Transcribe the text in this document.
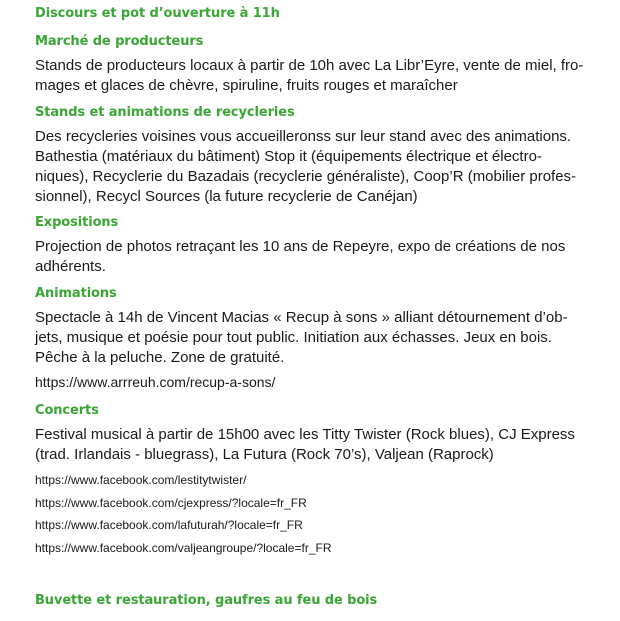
Discours et pot d’ouverture à 11h

Marché de producteurs

Stands de producteurs locaux à partir de 10h avec La Libr’Eyre, vente de miel, fro-
mages et glaces de chèvre, spiruline, fruits rouges et maraîcher

Stands et animations de recycleries

Des recycleries voisines vous accueilleronss sur leur stand avec des animations.
Bathestia (matériaux du bâtiment) Stop it (équipements électrique et électro-
niques), Recyclerie du Bazadais (recyclerie généraliste), Coop’R (mobilier profes-
sionnel), Recycl Sources (la future recyclerie de Canéjan)

Expositions

Projection de photos retraçant les 10 ans de Repeyre, expo de créations de nos
adhérents.

Animations

Spectacle à 14h de Vincent Macias « Recup à sons » alliant détournement d’ob-
jets, musique et poésie pour tout public. Initiation aux échasses. Jeux en bois.
Pêche à la peluche. Zone de gratuité.

https://www.arrreuh.com/recup-a-sons/

Concerts

Festival musical à partir de 15h00 avec les Titty Twister (Rock blues), CJ Express
(trad. Irlandais - bluegrass), La Futura (Rock 70’s), Valjean (Raprock)

https://www.facebook.com/lestitytwister/

https://www.facebook.com/cjexpress/?locale=fr_FR

https://www.facebook.com/lafuturah/?locale=fr_FR

https://www.facebook.com/valjeangroupe/?locale=fr_FR

Buvette et restauration, gaufres au feu de bois
